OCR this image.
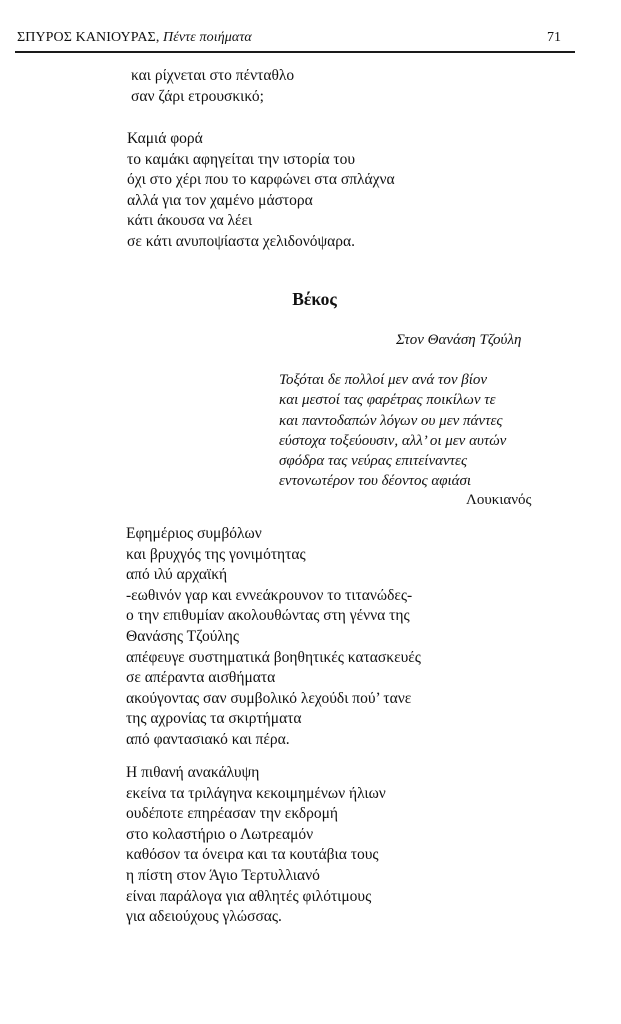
ΣΠΥΡΟΣ ΚΑΝΙΟΥΡΑΣ, Πέντε ποιήματα	71
και ρίχνεται στο πένταθλο
σαν ζάρι ετρουσκικό;
Καμιά φορά
το καμάκι αφηγείται την ιστορία του
όχι στο χέρι που το καρφώνει στα σπλάχνα
αλλά για τον χαμένο μάστορα
κάτι άκουσα να λέει
σε κάτι ανυποψίαστα χελιδονόψαρα.
Βέκος
Στον Θανάση Τζούλη
Τοξόται δε πολλοί μεν ανά τον βίον
και μεστοί τας φαρέτρας ποικίλων τε
και παντοδαπών λόγων ου μεν πάντες
εύστοχα τοξεύουσιν, αλλ’ οι μεν αυτών
σφόδρα τας νεύρας επιτείναντες
εντονωτέρον του δέοντος αφιάσι
Λουκιανός
Εφημέριος συμβόλων
και βρυχγός της γονιμότητας
από ιλύ αρχαϊκή
-εωθινόν γαρ και εννεάκρουνον το τιτανώδες-
ο την επιθυμίαν ακολουθώντας στη γέννα της
Θανάσης Τζούλης
απέφευγε συστηματικά βοηθητικές κατασκευές
σε απέραντα αισθήματα
ακούγοντας σαν συμβολικό λεχούδι πού’ τανε
της αχρονίας τα σκιρτήματα
από φαντασιακό και πέρα.
Η πιθανή ανακάλυψη
εκείνα τα τριλάγηνα κεκοιμημένων ήλιων
ουδέποτε επηρέασαν την εκδρομή
στο κολαστήριο ο Λωτρεαμόν
καθόσον τα όνειρα και τα κουτάβια τους
η πίστη στον Άγιο Τερτυλλιανό
είναι παράλογα για αθλητές φιλότιμους
για αδειούχους γλώσσας.
